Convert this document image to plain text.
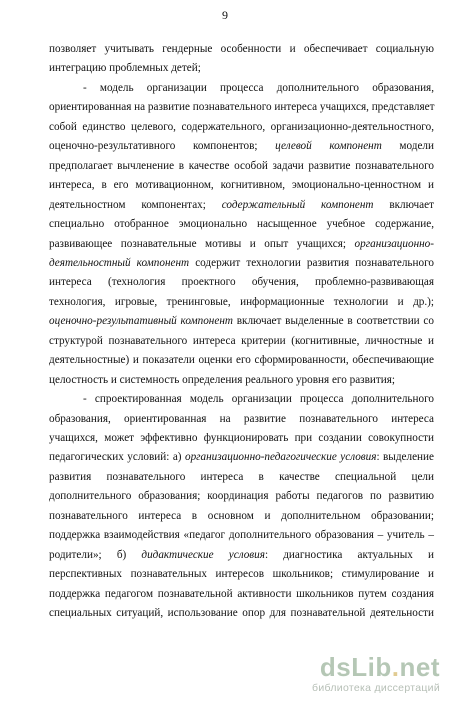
9
позволяет учитывать гендерные особенности и обеспечивает социальную
интеграцию проблемных детей;
- модель организации процесса дополнительного образования,
ориентированная на развитие познавательного интереса учащихся, представляет
собой единство целевого, содержательного, организационно-деятельностного,
оценочно-результативного компонентов; целевой компонент модели
предполагает вычленение в качестве особой задачи развитие познавательного
интереса, в его мотивационном, когнитивном, эмоционально-ценностном и
деятельностном компонентах; содержательный компонент включает
специально отобранное эмоционально насыщенное учебное содержание,
развивающее познавательные мотивы и опыт учащихся; организационно-
деятельностный компонент содержит технологии развития познавательного
интереса (технология проектного обучения, проблемно-развивающая
технология, игровые, тренинговые, информационные технологии и др.);
оценочно-результативный компонент включает выделенные в соответствии со
структурой познавательного интереса критерии (когнитивные, личностные и
деятельностные) и показатели оценки его сформированности, обеспечивающие
целостность и системность определения реального уровня его развития;
- спроектированная модель организации процесса дополнительного
образования, ориентированная на развитие познавательного интереса
учащихся, может эффективно функционировать при создании совокупности
педагогических условий: а) организационно-педагогические условия: выделение
развития познавательного интереса в качестве специальной цели
дополнительного образования; координация работы педагогов по развитию
познавательного интереса в основном и дополнительном образовании;
поддержка взаимодействия «педагог дополнительного образования – учитель –
родители»; б) дидактические условия: диагностика актуальных и
перспективных познавательных интересов школьников; стимулирование и
поддержка педагогом познавательной активности школьников путем создания
специальных ситуаций, использование опор для познавательной деятельности
dsLib.net
библиотека диссертаций
